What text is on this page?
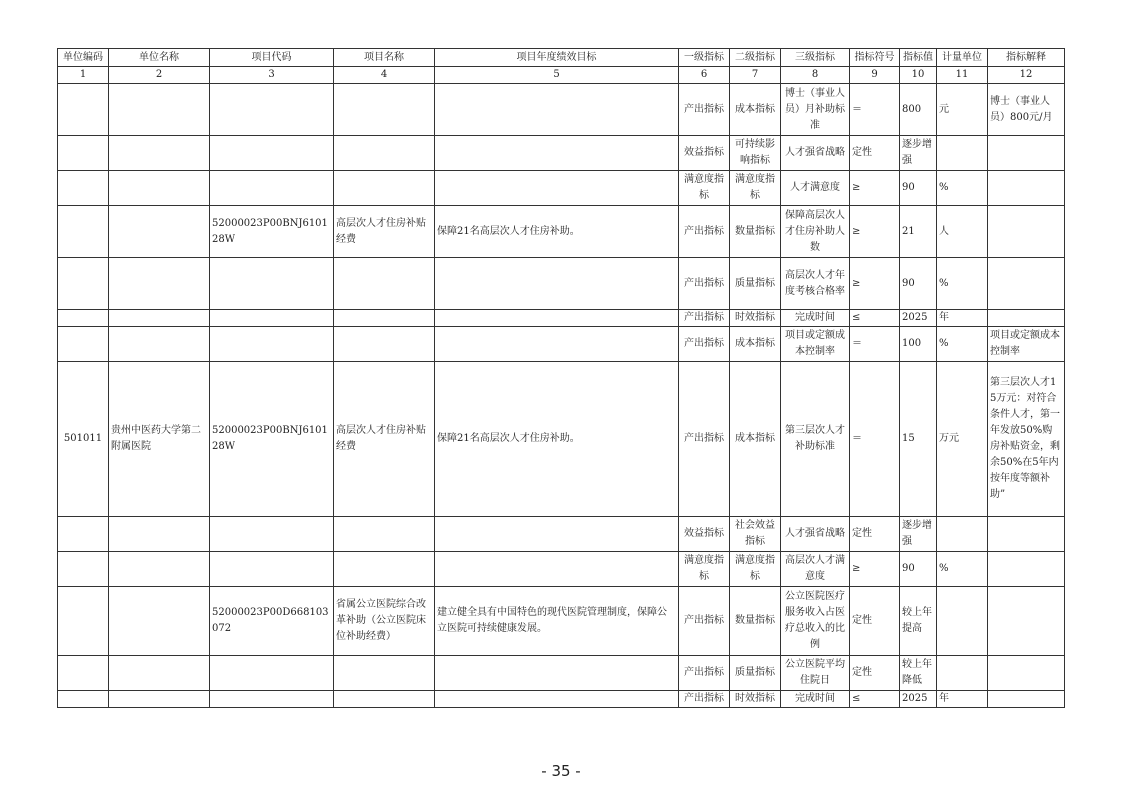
单位编码	单位名称	项目代码	项目名称	项目年度绩效目标	一级指标	二级指标	三级指标	指标符号	指标值	计量单位	指标解释
1	2	3	4	5	6	7	8	9	10	11	12
					产出指标	成本指标	博士（事业人员）月补助标准	＝	800	元	博士（事业人员）800元/月
					效益指标	可持续影响指标	人才强省战略	定性	逐步增强		
					满意度指标	满意度指标	人才满意度	≥	90	%	
		52000023P00BNJ610128W	高层次人才住房补贴经费	保障21名高层次人才住房补助。	产出指标	数量指标	保障高层次人才住房补助人数	≥	21	人	
					产出指标	质量指标	高层次人才年度考核合格率	≥	90	%	
					产出指标	时效指标	完成时间	≤	2025	年	
					产出指标	成本指标	项目或定额成本控制率	＝	100	%	项目或定额成本控制率
501011	贵州中医药大学第二附属医院	52000023P00BNJ610128W	高层次人才住房补贴经费	保障21名高层次人才住房补助。	产出指标	成本指标	第三层次人才补助标准	＝	15	万元	第三层次人才15万元：对符合条件人才，第一年发放50%购房补贴资金，剩余50%在5年内按年度等额补助”
					效益指标	社会效益指标	人才强省战略	定性	逐步增强		
					满意度指标	满意度指标	高层次人才满意度	≥	90	%	
		52000023P00D668103072	省属公立医院综合改革补助（公立医院床位补助经费）	建立健全具有中国特色的现代医院管理制度，保障公立医院可持续健康发展。	产出指标	数量指标	公立医院医疗服务收入占医疗总收入的比例	定性	较上年提高		
					产出指标	质量指标	公立医院平均住院日	定性	较上年降低		
					产出指标	时效指标	完成时间	≤	2025	年	
- 35 -
